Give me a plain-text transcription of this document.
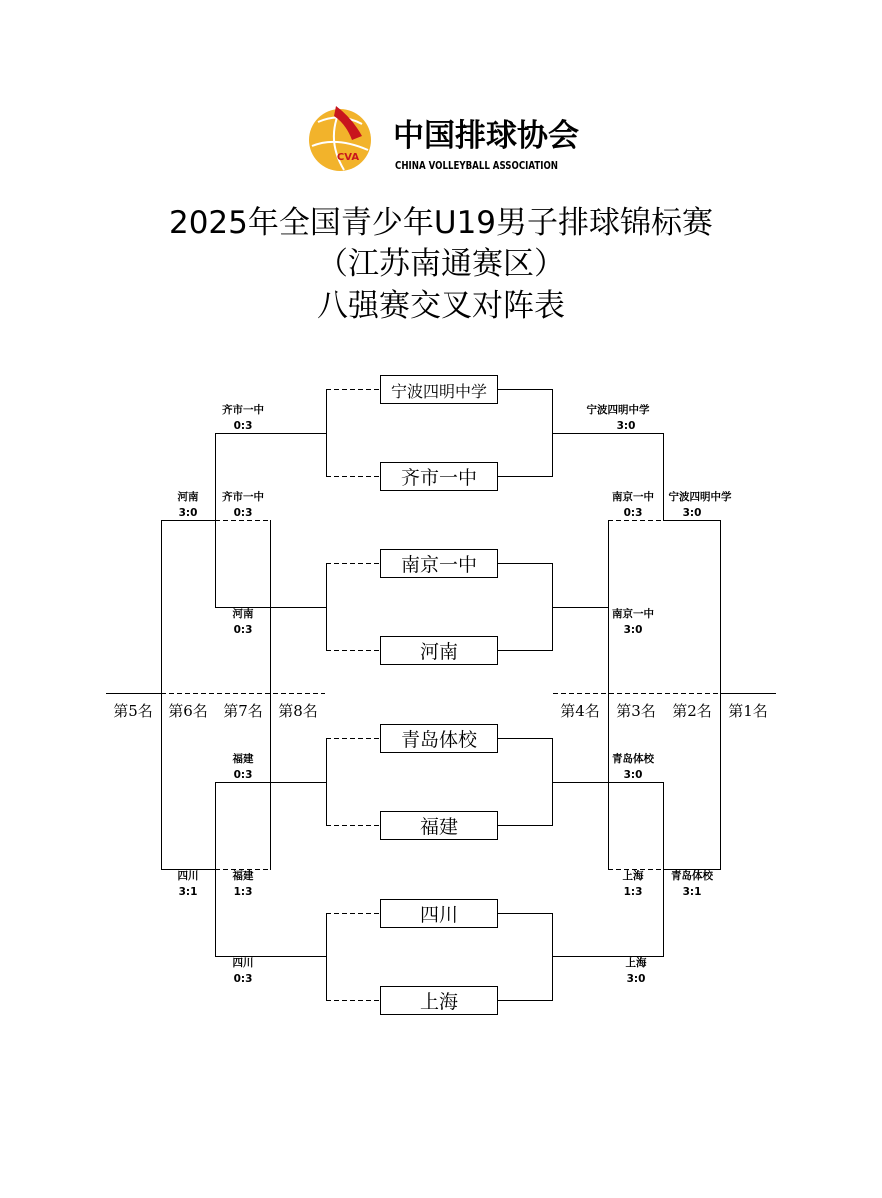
CVA
中国排球协会
CHINA VOLLEYBALL ASSOCIATION
2025年全国青少年U19男子排球锦标赛
（江苏南通赛区）
八强赛交叉对阵表
宁波四明中学
齐市一中
南京一中
河南
青岛体校
福建
四川
上海
齐市一中
0:3
河南
3:0
齐市一中
0:3
河南
0:3
福建
0:3
四川
3:1
福建
1:3
四川
0:3
宁波四明中学
3:0
南京一中
0:3
宁波四明中学
3:0
南京一中
3:0
青岛体校
3:0
上海
1:3
青岛体校
3:1
上海
3:0
第5名 第6名 第7名 第8名	第4名 第3名 第2名 第1名
